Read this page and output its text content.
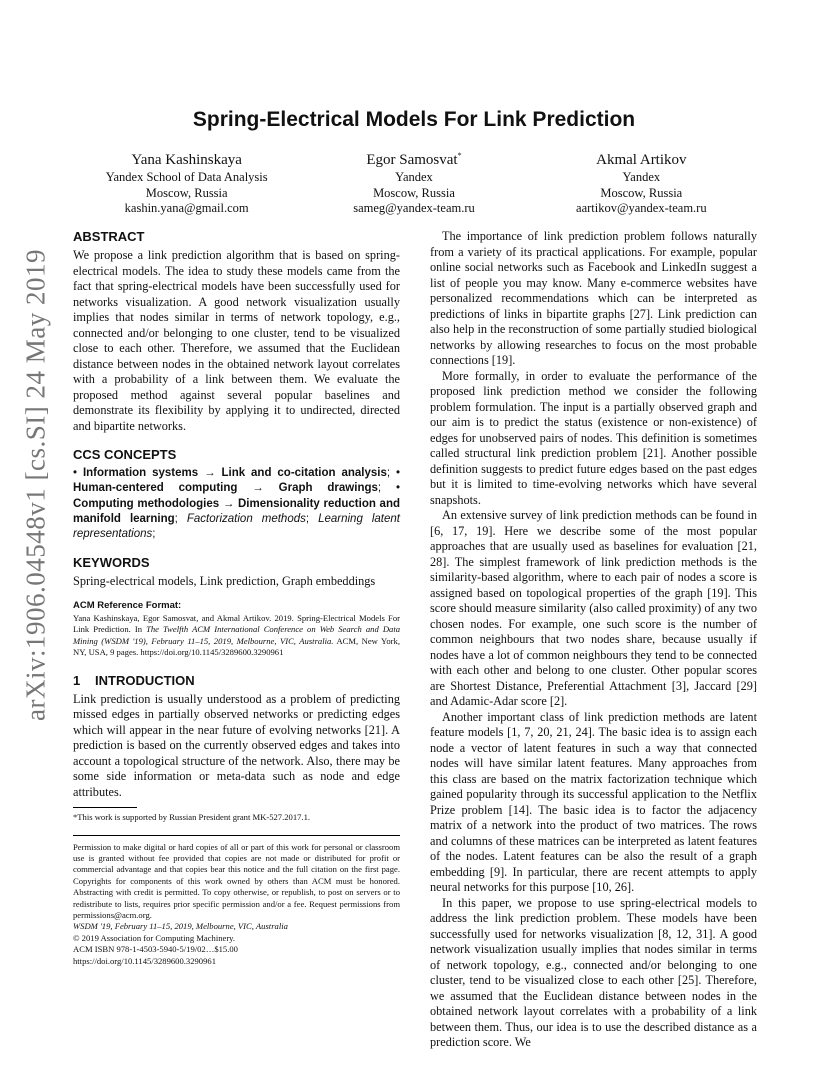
arXiv:1906.04548v1 [cs.SI] 24 May 2019
Spring-Electrical Models For Link Prediction
Yana Kashinskaya
Yandex School of Data Analysis
Moscow, Russia
kashin.yana@gmail.com
Egor Samosvat*
Yandex
Moscow, Russia
sameg@yandex-team.ru
Akmal Artikov
Yandex
Moscow, Russia
aartikov@yandex-team.ru
ABSTRACT

We propose a link prediction algorithm that is based on spring-electrical models. The idea to study these models came from the fact that spring-electrical models have been successfully used for networks visualization. A good network visualization usually implies that nodes similar in terms of network topology, e.g., connected and/or belonging to one cluster, tend to be visualized close to each other. Therefore, we assumed that the Euclidean distance between nodes in the obtained network layout correlates with a probability of a link between them. We evaluate the proposed method against several popular baselines and demonstrate its flexibility by applying it to undirected, directed and bipartite networks.

CCS CONCEPTS

• Information systems → Link and co-citation analysis; • Human-centered computing → Graph drawings; • Computing methodologies → Dimensionality reduction and manifold learning; Factorization methods; Learning latent representations;

KEYWORDS

Spring-electrical models, Link prediction, Graph embeddings

ACM Reference Format:

Yana Kashinskaya, Egor Samosvat, and Akmal Artikov. 2019. Spring-Electrical Models For Link Prediction. In The Twelfth ACM International Conference on Web Search and Data Mining (WSDM '19), February 11–15, 2019, Melbourne, VIC, Australia. ACM, New York, NY, USA, 9 pages. https://doi.org/10.1145/3289600.3290961

1 INTRODUCTION

Link prediction is usually understood as a problem of predicting missed edges in partially observed networks or predicting edges which will appear in the near future of evolving networks [21]. A prediction is based on the currently observed edges and takes into account a topological structure of the network. Also, there may be some side information or meta-data such as node and edge attributes.

*This work is supported by Russian President grant MK-527.2017.1.

Permission to make digital or hard copies of all or part of this work for personal or classroom use is granted without fee provided that copies are not made or distributed for profit or commercial advantage and that copies bear this notice and the full citation on the first page. Copyrights for components of this work owned by others than ACM must be honored. Abstracting with credit is permitted. To copy otherwise, or republish, to post on servers or to redistribute to lists, requires prior specific permission and/or a fee. Request permissions from permissions@acm.org.

WSDM '19, February 11–15, 2019, Melbourne, VIC, Australia

© 2019 Association for Computing Machinery.

ACM ISBN 978-1-4503-5940-5/19/02…$15.00

https://doi.org/10.1145/3289600.3290961

The importance of link prediction problem follows naturally from a variety of its practical applications. For example, popular online social networks such as Facebook and LinkedIn suggest a list of people you may know. Many e-commerce websites have personalized recommendations which can be interpreted as predictions of links in bipartite graphs [27]. Link prediction can also help in the reconstruction of some partially studied biological networks by allowing researches to focus on the most probable connections [19].

More formally, in order to evaluate the performance of the proposed link prediction method we consider the following problem formulation. The input is a partially observed graph and our aim is to predict the status (existence or non-existence) of edges for unobserved pairs of nodes. This definition is sometimes called structural link prediction problem [21]. Another possible definition suggests to predict future edges based on the past edges but it is limited to time-evolving networks which have several snapshots.

An extensive survey of link prediction methods can be found in [6, 17, 19]. Here we describe some of the most popular approaches that are usually used as baselines for evaluation [21, 28]. The simplest framework of link prediction methods is the similarity-based algorithm, where to each pair of nodes a score is assigned based on topological properties of the graph [19]. This score should measure similarity (also called proximity) of any two chosen nodes. For example, one such score is the number of common neighbours that two nodes share, because usually if nodes have a lot of common neighbours they tend to be connected with each other and belong to one cluster. Other popular scores are Shortest Distance, Preferential Attachment [3], Jaccard [29] and Adamic-Adar score [2].

Another important class of link prediction methods are latent feature models [1, 7, 20, 21, 24]. The basic idea is to assign each node a vector of latent features in such a way that connected nodes will have similar latent features. Many approaches from this class are based on the matrix factorization technique which gained popularity through its successful application to the Netflix Prize problem [14]. The basic idea is to factor the adjacency matrix of a network into the product of two matrices. The rows and columns of these matrices can be interpreted as latent features of the nodes. Latent features can be also the result of a graph embedding [9]. In particular, there are recent attempts to apply neural networks for this purpose [10, 26].

In this paper, we propose to use spring-electrical models to address the link prediction problem. These models have been successfully used for networks visualization [8, 12, 31]. A good network visualization usually implies that nodes similar in terms of network topology, e.g., connected and/or belonging to one cluster, tend to be visualized close to each other [25]. Therefore, we assumed that the Euclidean distance between nodes in the obtained network layout correlates with a probability of a link between them. Thus, our idea is to use the described distance as a prediction score. We
